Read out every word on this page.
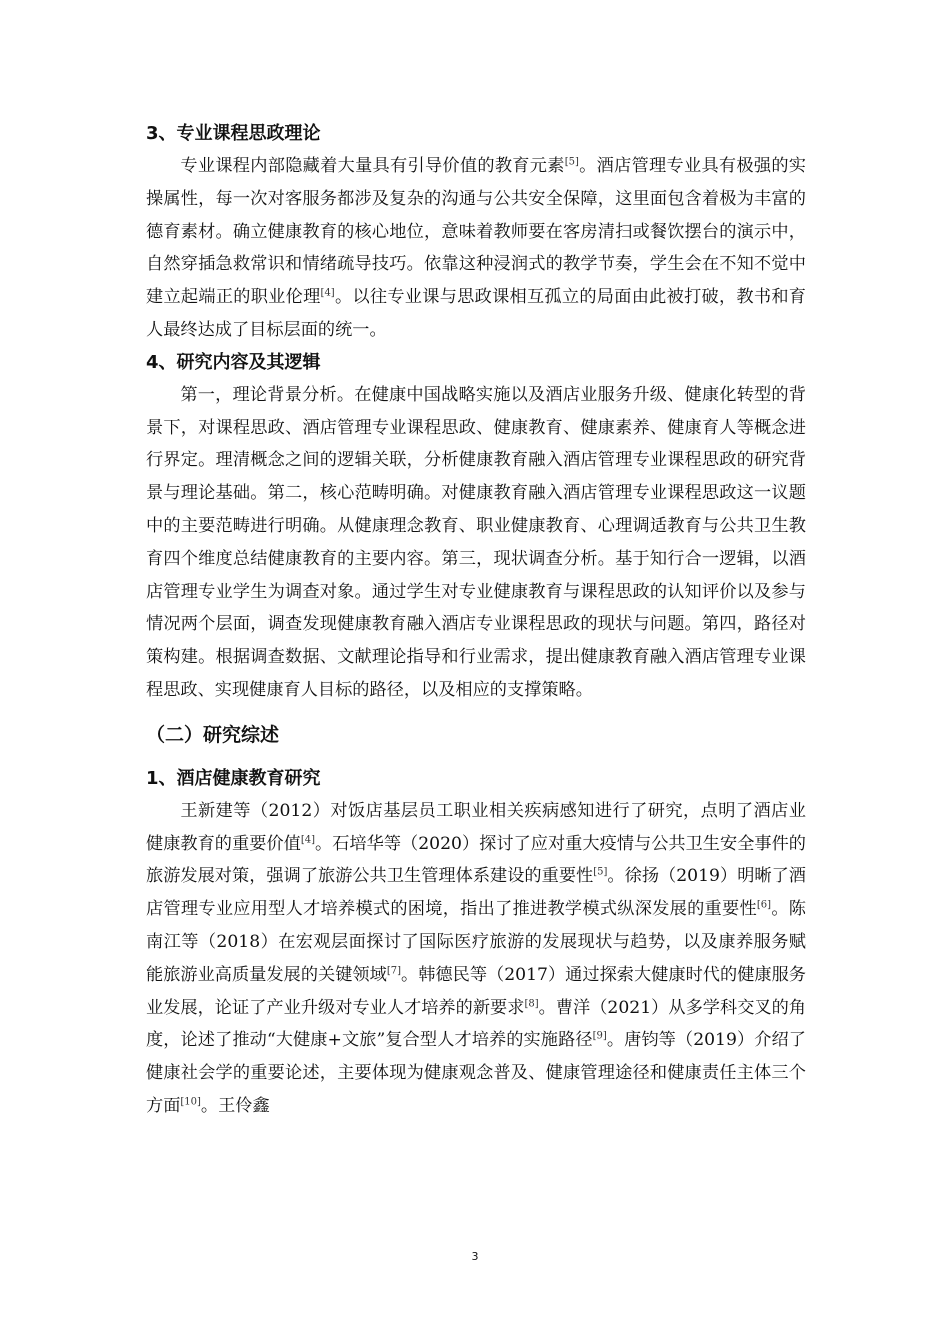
3、专业课程思政理论

专业课程内部隐藏着大量具有引导价值的教育元素[5]。酒店管理专业具有极强的实操属性，每一次对客服务都涉及复杂的沟通与公共安全保障，这里面包含着极为丰富的德育素材。确立健康教育的核心地位，意味着教师要在客房清扫或餐饮摆台的演示中，自然穿插急救常识和情绪疏导技巧。依靠这种浸润式的教学节奏，学生会在不知不觉中建立起端正的职业伦理[4]。以往专业课与思政课相互孤立的局面由此被打破，教书和育人最终达成了目标层面的统一。

4、研究内容及其逻辑

第一，理论背景分析。在健康中国战略实施以及酒店业服务升级、健康化转型的背景下，对课程思政、酒店管理专业课程思政、健康教育、健康素养、健康育人等概念进行界定。理清概念之间的逻辑关联，分析健康教育融入酒店管理专业课程思政的研究背景与理论基础。第二，核心范畴明确。对健康教育融入酒店管理专业课程思政这一议题中的主要范畴进行明确。从健康理念教育、职业健康教育、心理调适教育与公共卫生教育四个维度总结健康教育的主要内容。第三，现状调查分析。基于知行合一逻辑，以酒店管理专业学生为调查对象。通过学生对专业健康教育与课程思政的认知评价以及参与情况两个层面，调查发现健康教育融入酒店专业课程思政的现状与问题。第四，路径对策构建。根据调查数据、文献理论指导和行业需求，提出健康教育融入酒店管理专业课程思政、实现健康育人目标的路径，以及相应的支撑策略。

（二）研究综述
1、酒店健康教育研究

王新建等（2012）对饭店基层员工职业相关疾病感知进行了研究，点明了酒店业健康教育的重要价值[4]。石培华等（2020）探讨了应对重大疫情与公共卫生安全事件的旅游发展对策，强调了旅游公共卫生管理体系建设的重要性[5]。徐扬（2019）明晰了酒店管理专业应用型人才培养模式的困境，指出了推进教学模式纵深发展的重要性[6]。陈南江等（2018）在宏观层面探讨了国际医疗旅游的发展现状与趋势，以及康养服务赋能旅游业高质量发展的关键领域[7]。韩德民等（2017）通过探索大健康时代的健康服务业发展，论证了产业升级对专业人才培养的新要求[8]。曹洋（2021）从多学科交叉的角度，论述了推动“大健康+文旅”复合型人才培养的实施路径[9]。唐钧等（2019）介绍了健康社会学的重要论述，主要体现为健康观念普及、健康管理途径和健康责任主体三个方面[10]。王伶鑫

3
